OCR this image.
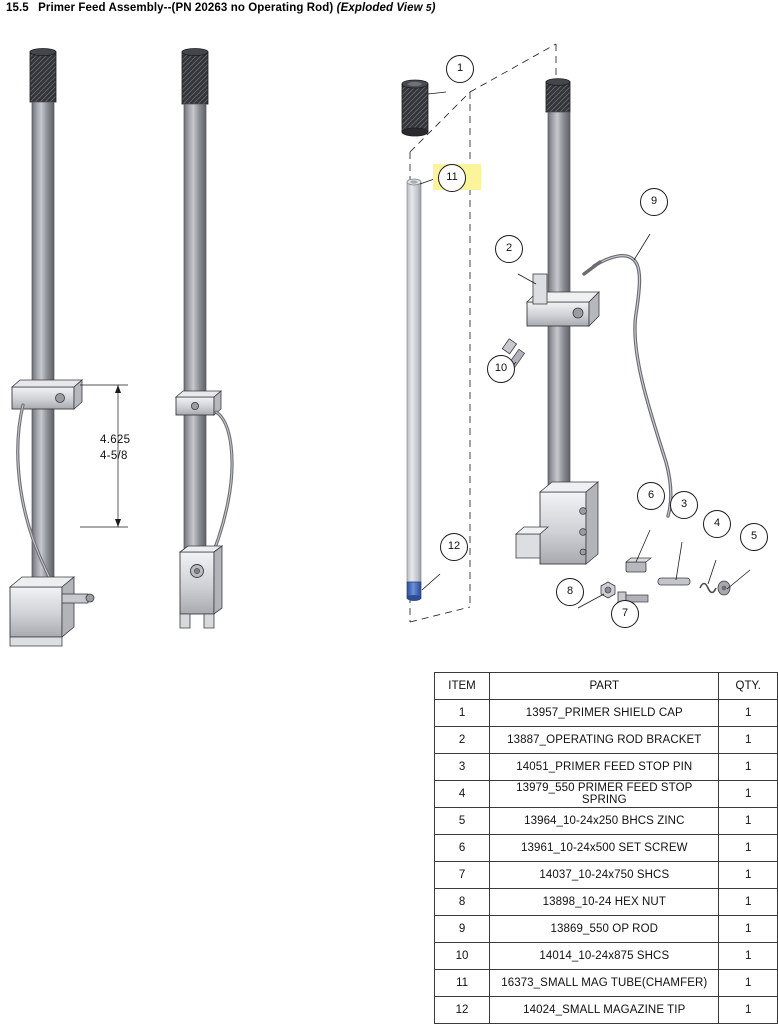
15.5 Primer Feed Assembly--(PN 20263 no Operating Rod) (Exploded View 5)
1
11
9
2
10
6
3
4
5
8
7
12
4.625
4-5/8
ITEM	PART	QTY.
1	13957_PRIMER SHIELD CAP	1
2	13887_OPERATING ROD BRACKET	1
3	14051_PRIMER FEED STOP PIN	1
4	13979_550 PRIMER FEED STOP SPRING	1
5	13964_10-24x250 BHCS ZINC	1
6	13961_10-24x500 SET SCREW	1
7	14037_10-24x750 SHCS	1
8	13898_10-24 HEX NUT	1
9	13869_550 OP ROD	1
10	14014_10-24x875 SHCS	1
11	16373_SMALL MAG TUBE(CHAMFER)	1
12	14024_SMALL MAGAZINE TIP	1
